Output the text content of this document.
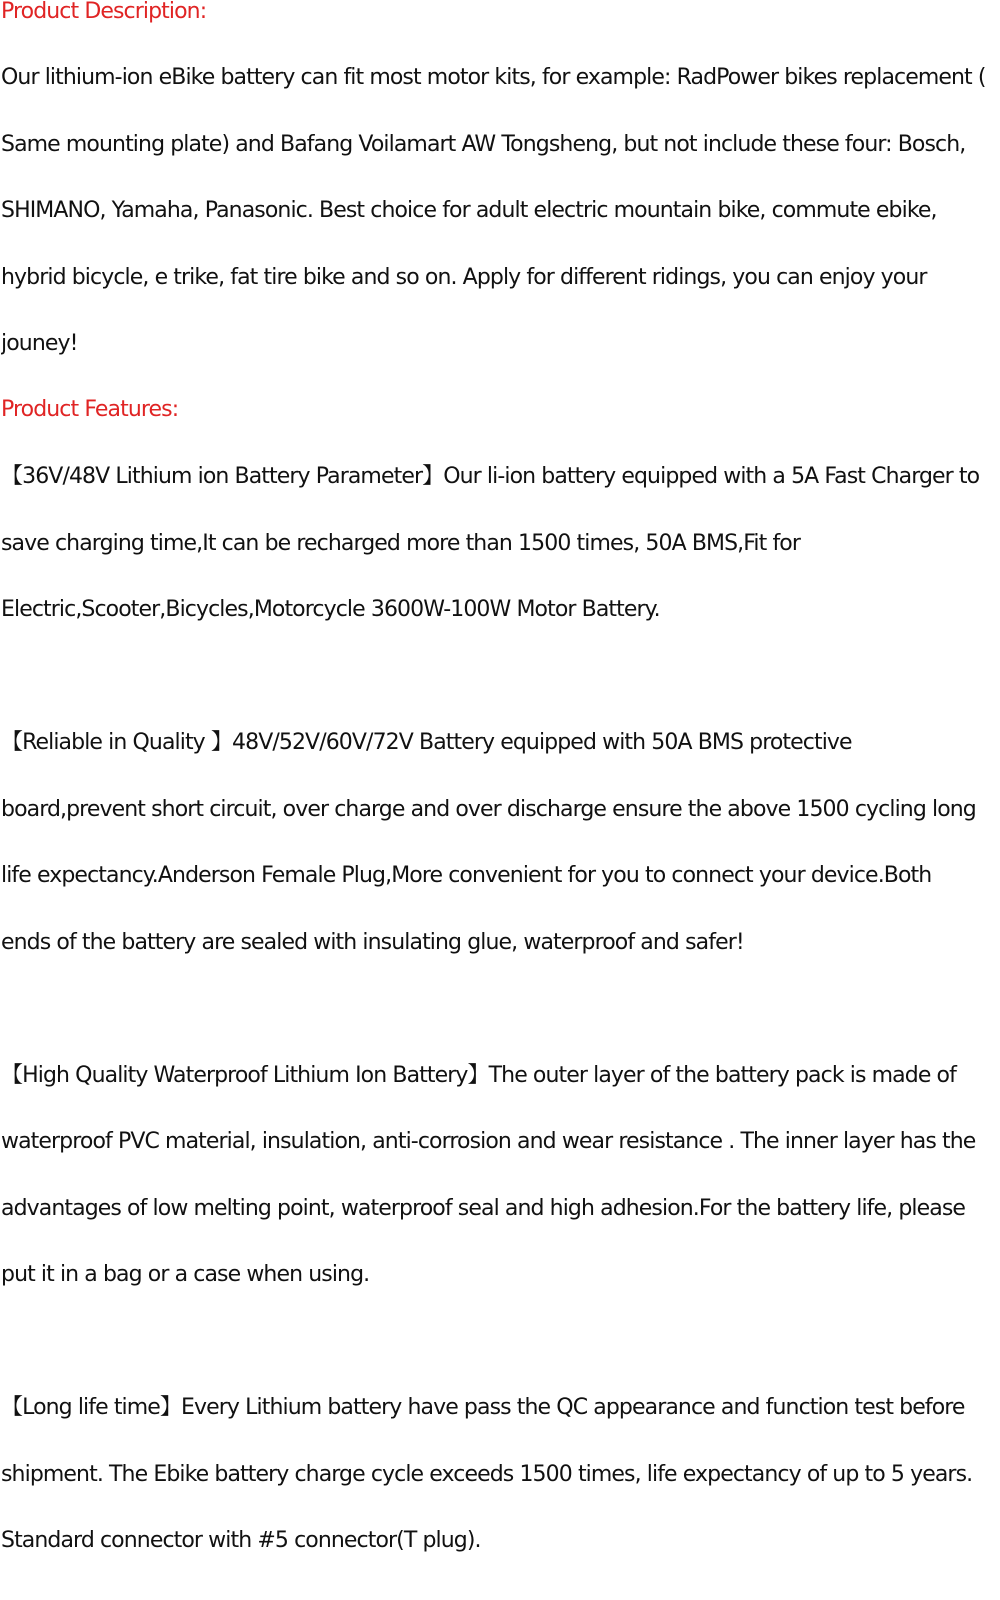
Product Description:
Our lithium-ion eBike battery can fit most motor kits, for example: RadPower bikes replacement (
Same mounting plate) and Bafang Voilamart AW Tongsheng, but not include these four: Bosch,
SHIMANO, Yamaha, Panasonic. Best choice for adult electric mountain bike, commute ebike,
hybrid bicycle, e trike, fat tire bike and so on. Apply for different ridings, you can enjoy your
jouney!
Product Features:
【36V/48V Lithium ion Battery Parameter】Our li-ion battery equipped with a 5A Fast Charger to
save charging time,It can be recharged more than 1500 times, 50A BMS,Fit for
Electric,Scooter,Bicycles,Motorcycle 3600W-100W Motor Battery.
【Reliable in Quality 】48V/52V/60V/72V Battery equipped with 50A BMS protective
board,prevent short circuit, over charge and over discharge ensure the above 1500 cycling long
life expectancy.Anderson Female Plug,More convenient for you to connect your device.Both
ends of the battery are sealed with insulating glue, waterproof and safer!
【High Quality Waterproof Lithium Ion Battery】The outer layer of the battery pack is made of
waterproof PVC material, insulation, anti-corrosion and wear resistance . The inner layer has the
advantages of low melting point, waterproof seal and high adhesion.For the battery life, please
put it in a bag or a case when using.
【Long life time】Every Lithium battery have pass the QC appearance and function test before
shipment. The Ebike battery charge cycle exceeds 1500 times, life expectancy of up to 5 years.
Standard connector with #5 connector(T plug).
